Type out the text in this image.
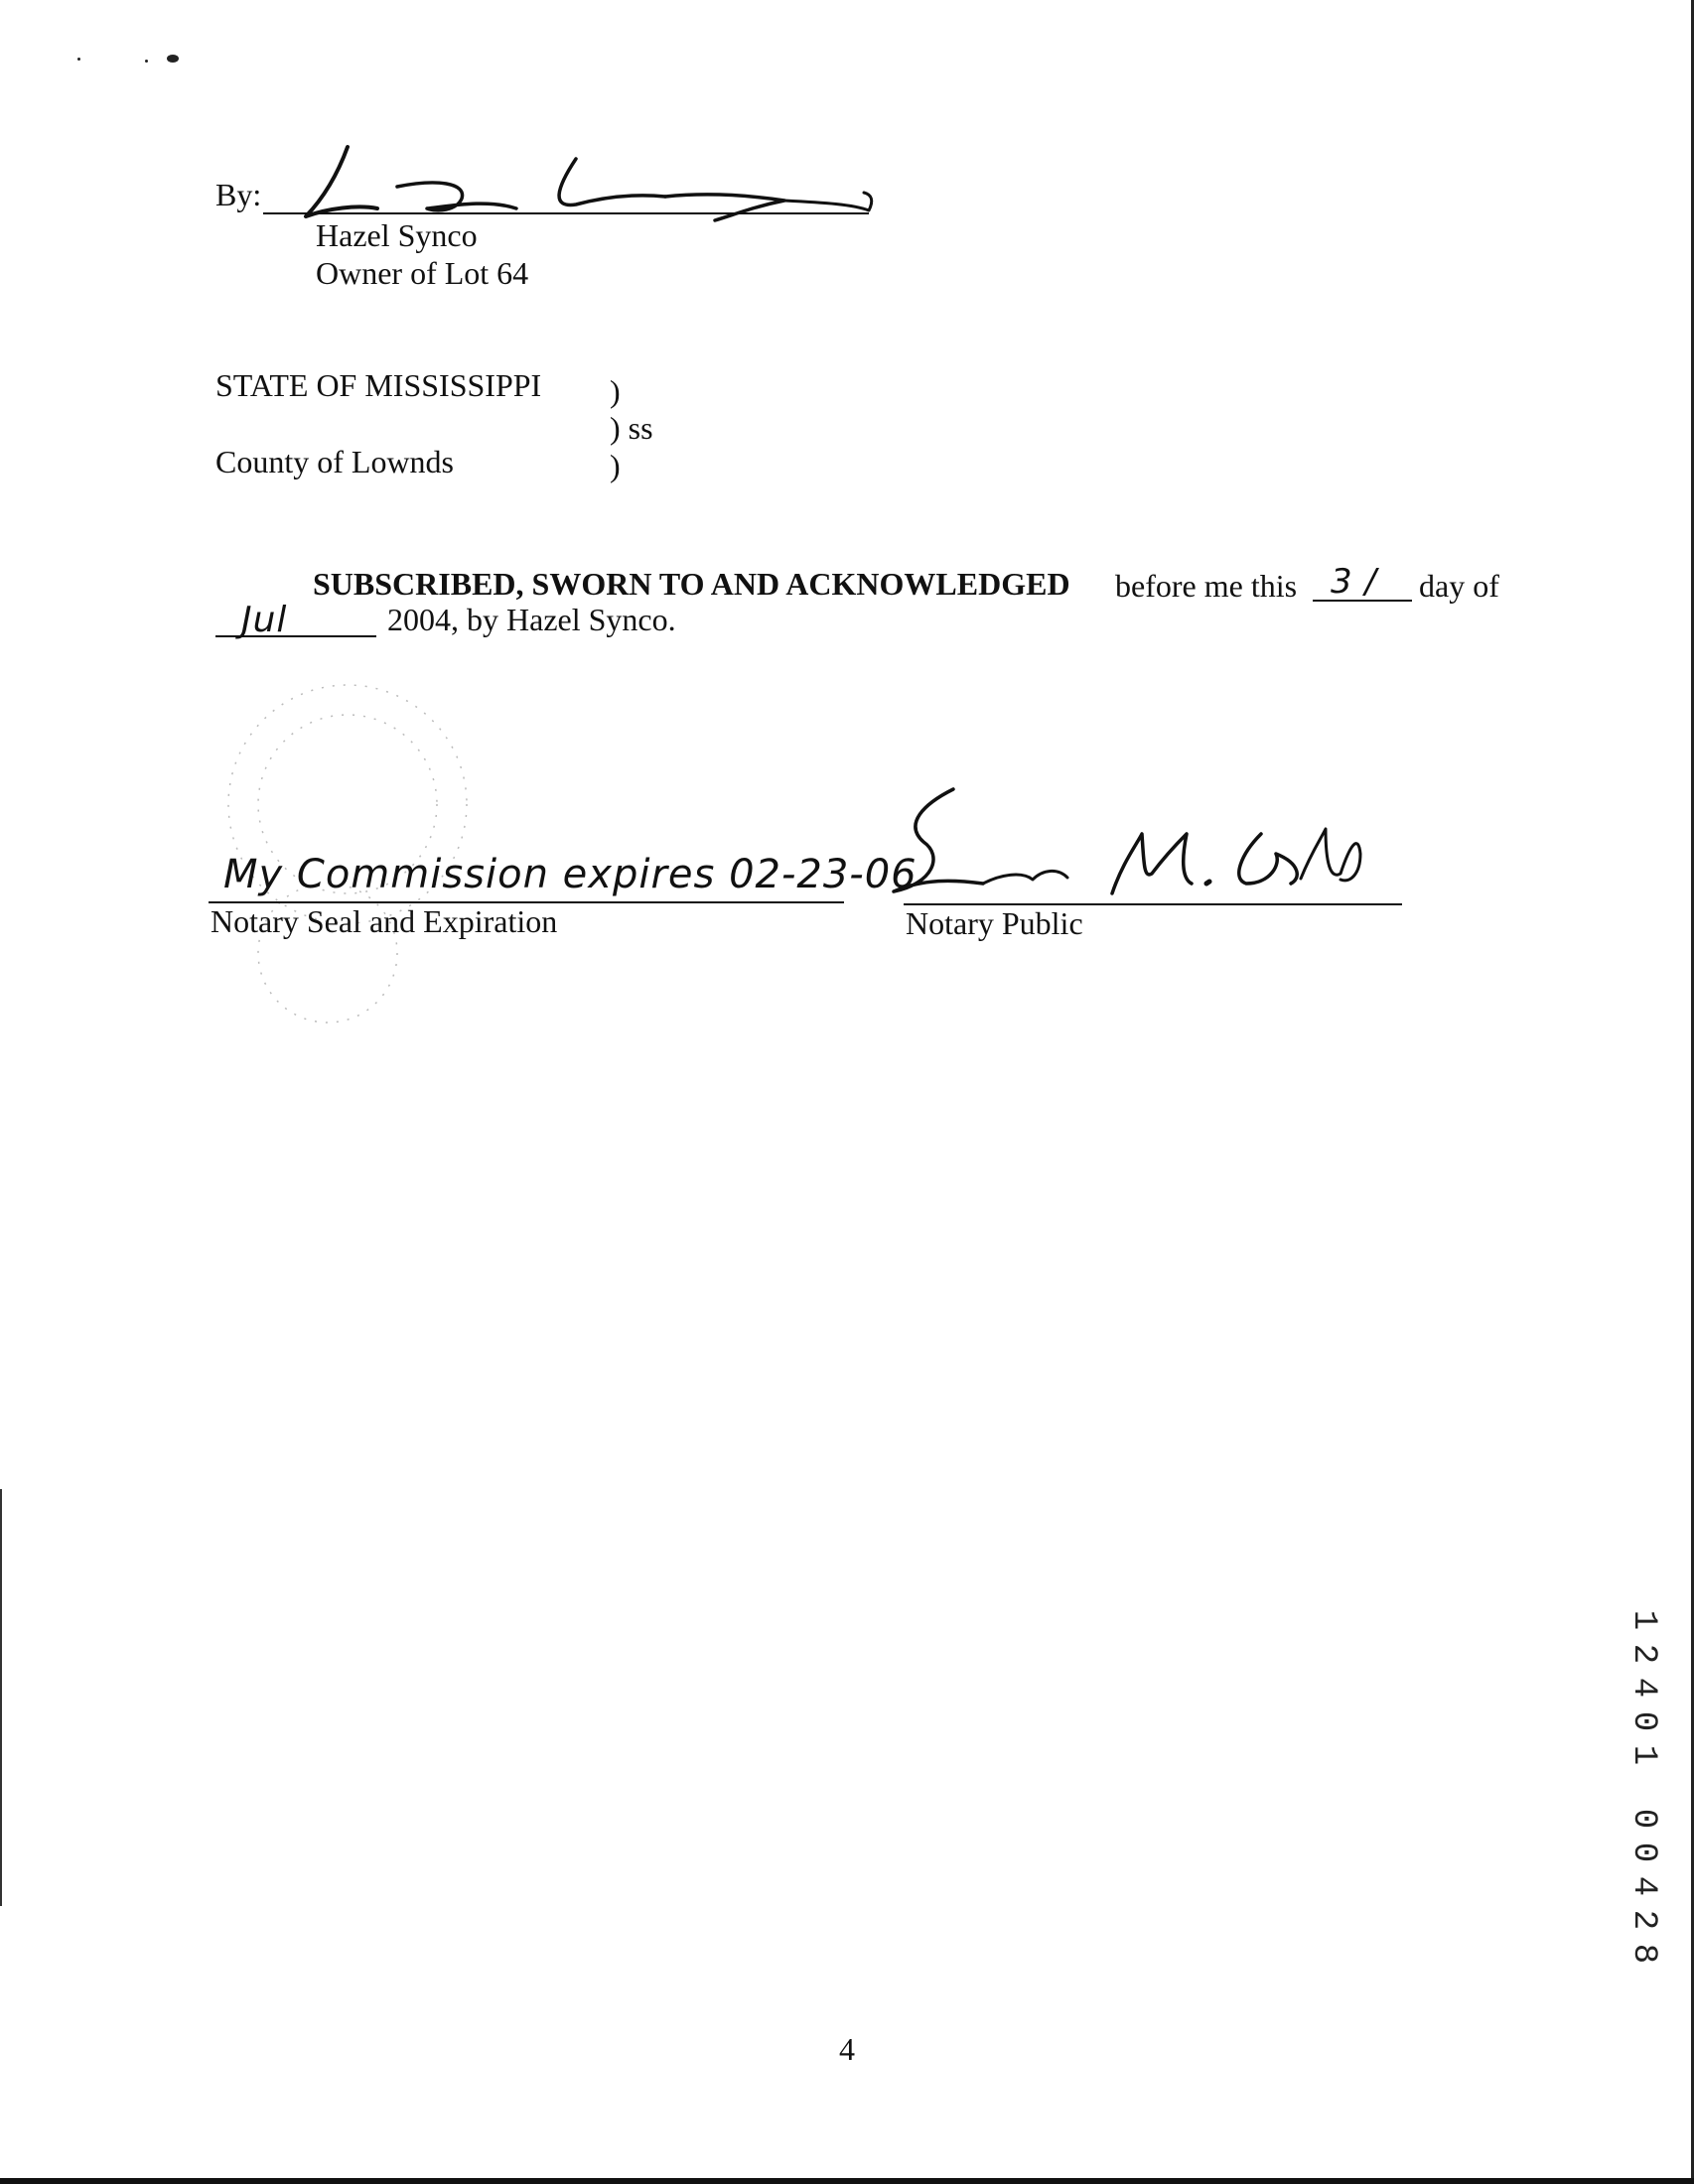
By:
Hazel Synco
Owner of Lot 64
STATE OF MISSISSIPPI )
) ss
County of Lownds	)
SUBSCRIBED, SWORN TO AND ACKNOWLEDGED before me this 3 / day of
Jul	2004, by Hazel Synco.
My Commission expires 02-23-06
Notary Seal and Expiration	Notary Public
1
2
4
0
1
0
0
4
2
8
4
